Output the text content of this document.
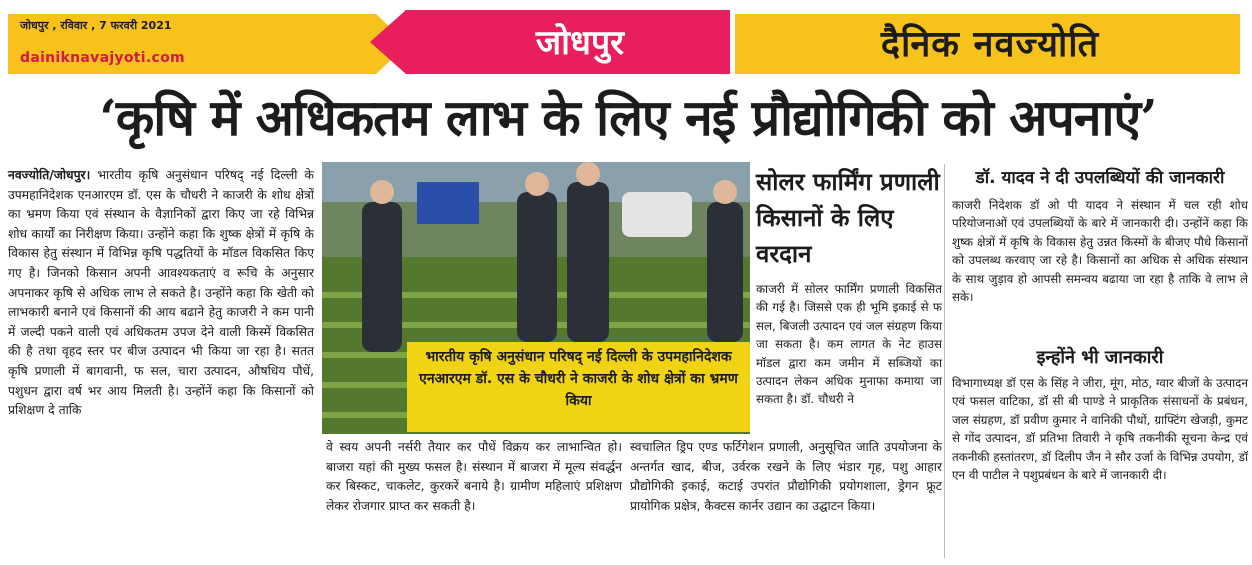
जोधपुर , रविवार , 7 फरवरी 2021
dainiknavajyoti.com	जोधपुर	दैनिक नवज्योति
‘कृषि में अधिकतम लाभ के लिए नई प्रौद्योगिकी को अपनाएं’
नवज्योति/जोधपुर। भारतीय कृषि अनुसंधान परिषद् नई दिल्ली के उपमहानिदेशक एनआरएम डॉ. एस के चौधरी ने काजरी के शोध क्षेत्रों का भ्रमण किया एवं संस्थान के वैज्ञानिकों द्वारा किए जा रहे विभिन्न शोध कार्यों का निरीक्षण किया। उन्होंने कहा कि शुष्क क्षेत्रों में कृषि के विकास हेतु संस्थान में विभिन्न कृषि पद्धतियों के मॉडल विकसित किए गए है। जिनको किसान अपनी आवश्यकताएं व रूचि के अनुसार अपनाकर कृषि से अधिक लाभ ले सकते है। उन्होंने कहा कि खेती को लाभकारी बनाने एवं किसानों की आय बढाने हेतु काजरी ने कम पानी में जल्दी पकने वाली एवं अधिकतम उपज देने वाली किस्में विकसित की है तथा वृहद स्तर पर बीज उत्पादन भी किया जा रहा है। सतत कृषि प्रणाली में बागवानी, फ सल, चारा उत्पादन, औषधिय पौधें, पशुधन द्वारा वर्ष भर आय मिलती है। उन्होंनें कहा कि किसानों को प्रशिक्षण दे ताकि
भारतीय कृषि अनुसंधान परिषद् नई दिल्ली के उपमहानिदेशक एनआरएम डॉ. एस के चौधरी ने काजरी के शोध क्षेत्रों का भ्रमण किया
सोलर फार्मिंग प्रणाली किसानों के लिए वरदान
काजरी में सोलर फार्मिंग प्रणाली विकसित की गई है। जिससे एक ही भूमि इकाई से फ सल, बिजली उत्पादन एवं जल संग्रहण किया जा सकता है। कम लागत के नेट हाउस मॉडल द्वारा कम जमीन में सब्जियों का उत्पादन लेकन अधिक मुनाफा कमाया जा सकता है। डॉ. चौधरी ने
वे स्वय अपनी नर्सरी तैयार कर पौधें विक्रय कर लाभान्वित हो। बाजरा यहां की मुख्य फसल है। संस्थान में बाजरा में मूल्य संवर्द्धन कर बिस्कट, चाकलेट, कुरकरें बनाये है। ग्रामीण महिलाएं प्रशिक्षण लेकर रोजगार प्राप्त कर सकती है।
स्वचालित ड्रिप एण्ड फर्टिगेशन प्रणाली, अनुसूचित जाति उपयोजना के अन्तर्गत खाद, बीज, उर्वरक रखने के लिए भंडार गृह, पशु आहार प्रौद्योगिकी इकाई, कटाई उपरांत प्रौद्योगिकी प्रयोगशाला, ड्रेगन फ्रूट प्रायोगिक प्रक्षेत्र, कैक्टस कार्नर उद्यान का उद्घाटन किया।
डॉ. यादव ने दी उपलब्धियों की जानकारी
काजरी निदेशक डॉ ओ पी यादव ने संस्थान में चल रही शोध परियोजनाओं एवं उपलब्धियों के बारे में जानकारी दी। उन्होंनें कहा कि शुष्क क्षेत्रों में कृषि के विकास हेतु उन्नत किस्मों के बीजए पौधे किसानों को उपलब्ध करवाए जा रहे है। किसानों का अधिक से अधिक संस्थान के साथ जुड़ाव हो आपसी समन्वय बढाया जा रहा है ताकि वे लाभ ले सके।
इन्होंने भी जानकारी
विभागाध्यक्ष डॉ एस के सिंह ने जीरा, मूंग, मोठ, ग्वार बीजों के उत्पादन एवं फसल वाटिका, डॉ सी बी पाण्डे ने प्राकृतिक संसाधनों के प्रबंधन, जल संग्रहण, डॉ प्रवीण कुमार ने वानिकी पौधों, ग्राफ्टिंग खेजड़ी, कुमट से गोंद उत्पादन, डॉ प्रतिभा तिवारी ने कृषि तकनीकी सूचना केन्द्र एवं तकनीकी हस्तांतरण, डॉ दिलीप जैन ने सौर उर्जा के विभिन्न उपयोग, डॉ एन वी पाटील ने पशुप्रबंधन के बारे में जानकारी दी।
